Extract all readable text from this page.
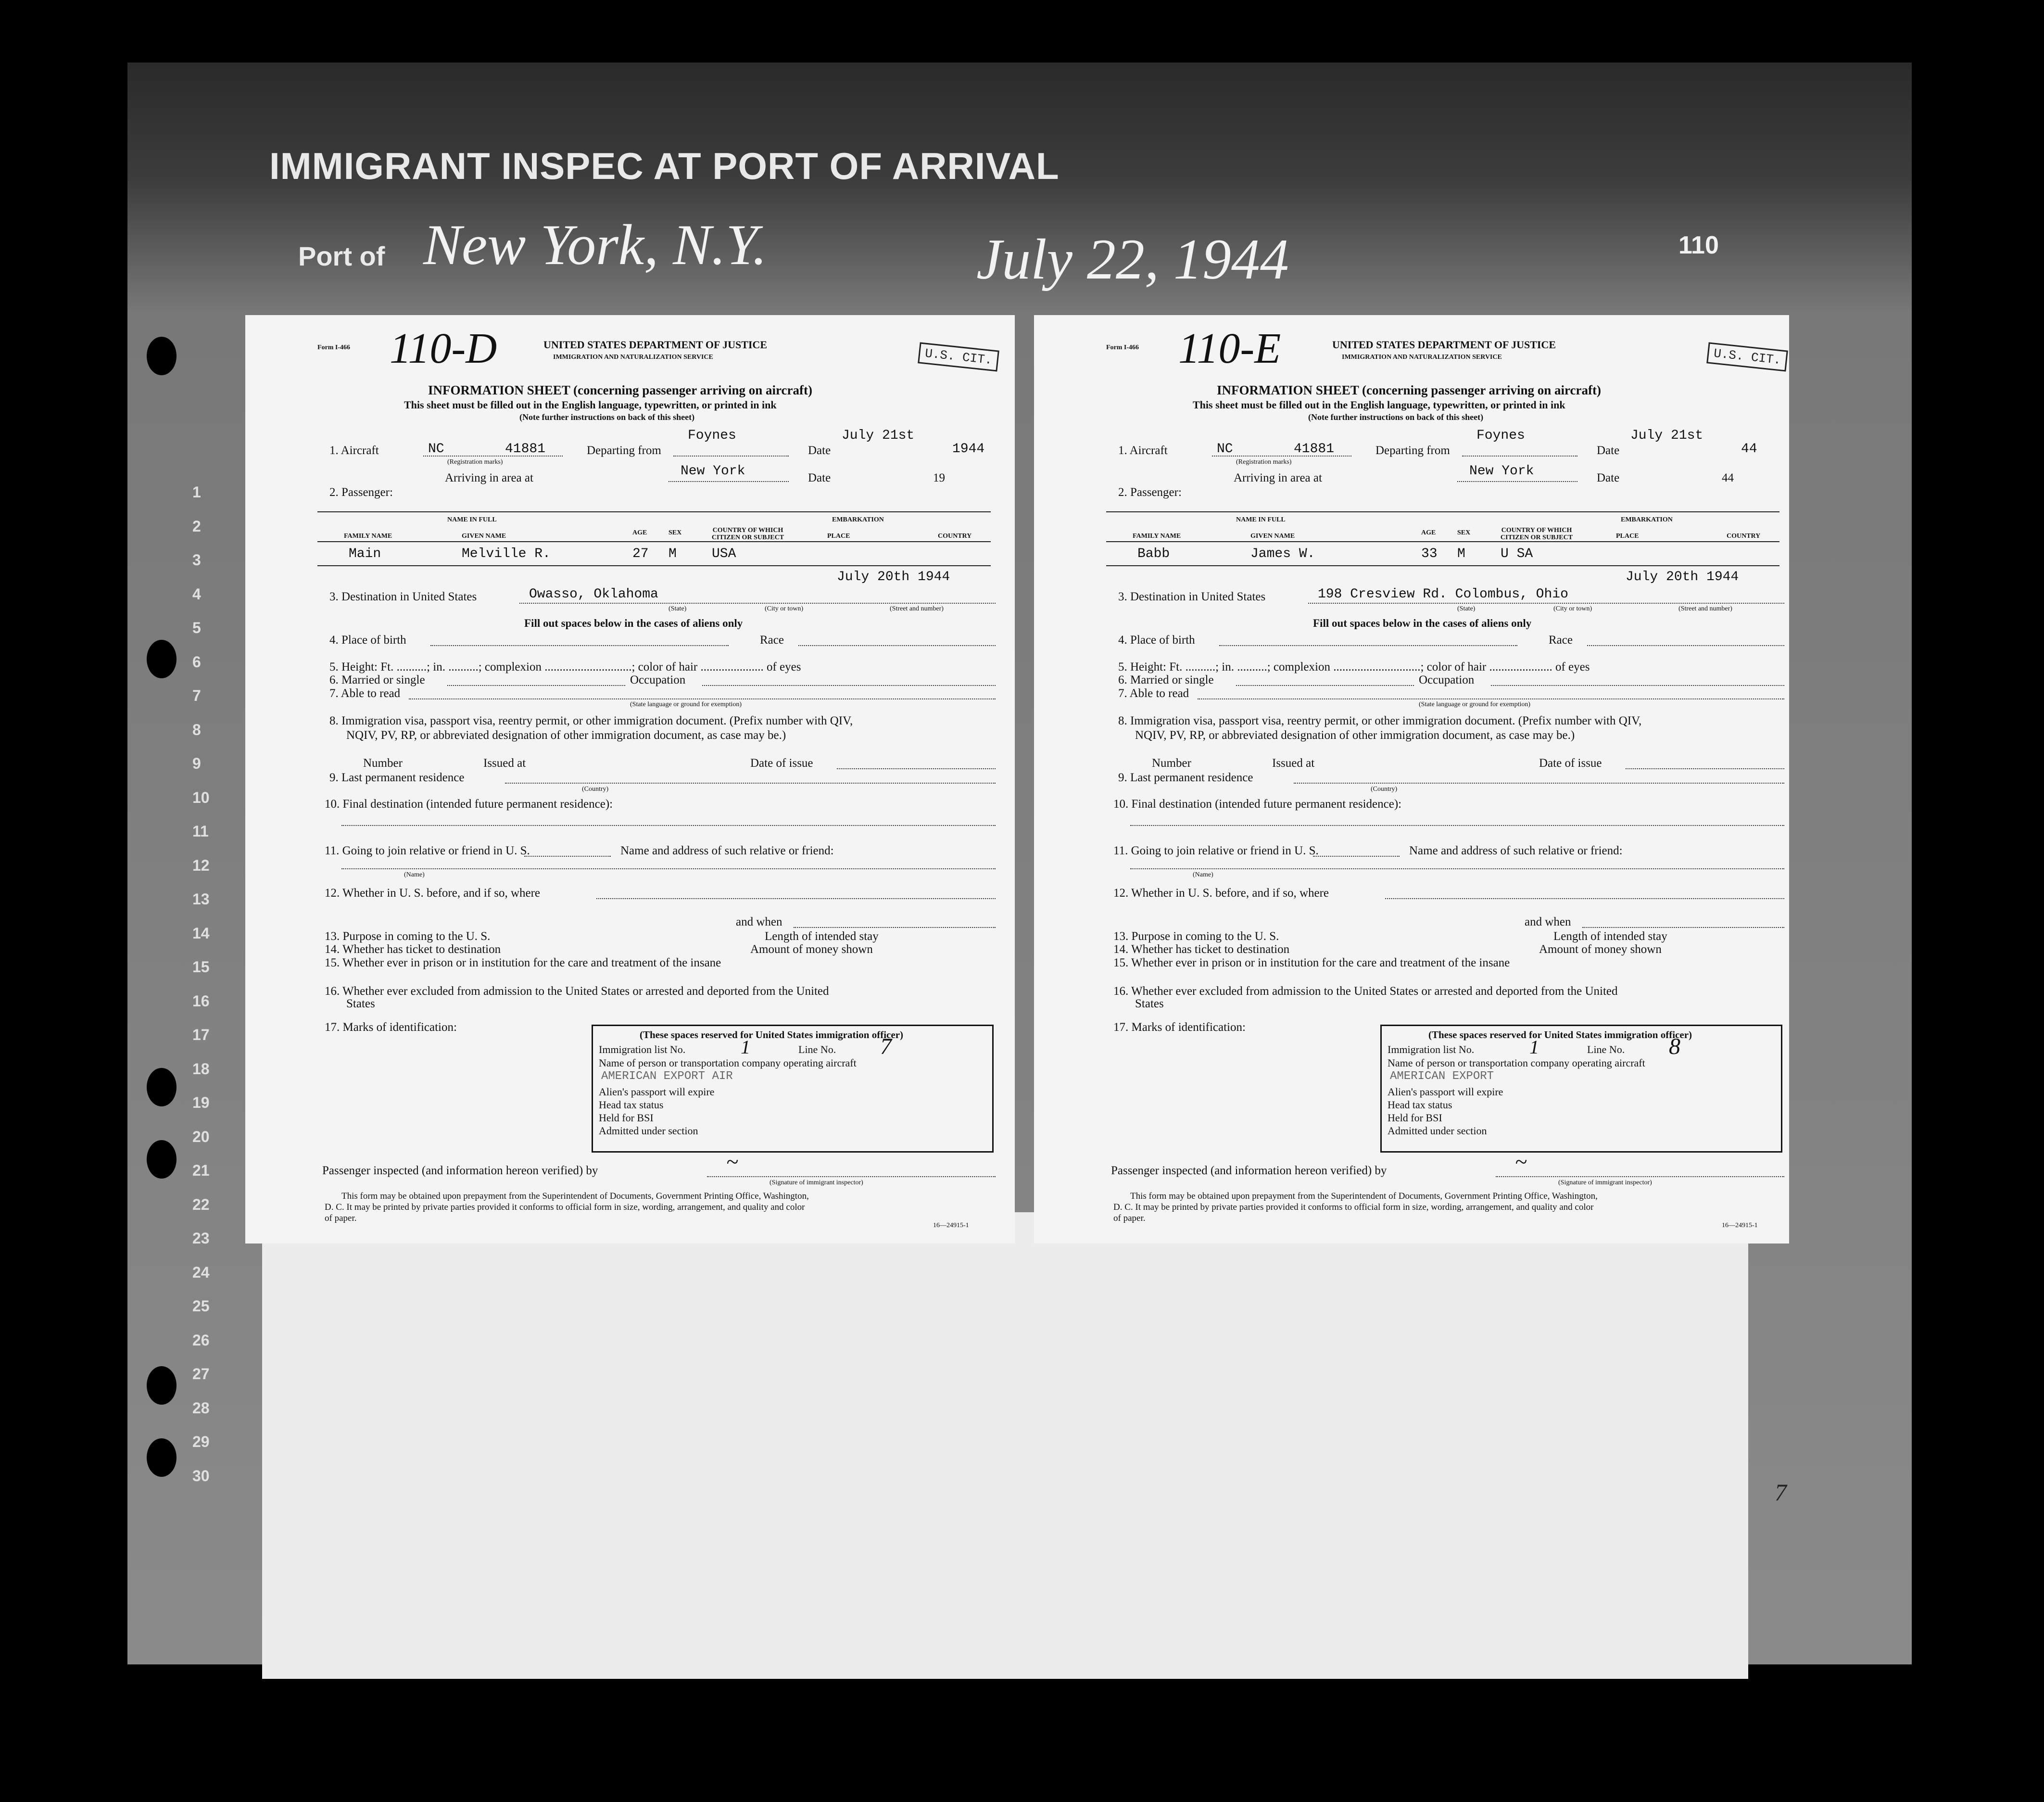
IMMIGRANT INSPEC AT PORT OF ARRIVAL
Port of New York, N.Y.	July 22, 1944	110
1
2
3
4
5
6
7
8
9
10
11
12
13
14
15
16
17
18
19
20
21
22
23
24
25
26
27
28
29
30
Form I-466 110-D	UNITED STATES DEPARTMENT OF JUSTICE
IMMIGRATION AND NATURALIZATION SERVICE	U.S. CIT.
INFORMATION SHEET (concerning passenger arriving on aircraft)
This sheet must be filled out in the English language, typewritten, or printed in ink
(Note further instructions on back of this sheet)
1. Aircraft	NC	41881
(Registration marks)
Departing from
Foynes
Date
July 21st
1944
Arriving in area at	New York	Date	19
2. Passenger:
NAME IN FULL	EMBARKATION
FAMILY NAME	GIVEN NAME	AGE	SEX	COUNTRY OF WHICH CITIZEN OR SUBJECT	PLACE	COUNTRY
Main	Melville R.	27 M	USA
July 20th 1944
3. Destination in United States	Owasso, Oklahoma
(State)	(City or town)	(Street and number)
Fill out spaces below in the cases of aliens only
4. Place of birth	Race
5. Height: Ft. ..........; in. ..........; complexion .............................; color of hair ..................... of eyes
6. Married or single	Occupation
7. Able to read
(State language or ground for exemption)
8. Immigration visa, passport visa, reentry permit, or other immigration document. (Prefix number with QIV,
NQIV, PV, RP, or abbreviated designation of other immigration document, as case may be.)
Number	Issued at	Date of issue
9. Last permanent residence
(Country)
10. Final destination (intended future permanent residence):
11. Going to join relative or friend in U. S.	Name and address of such relative or friend:
(Name)
12. Whether in U. S. before, and if so, where
and when
13. Purpose in coming to the U. S.	Length of intended stay
14. Whether has ticket to destination	Amount of money shown
15. Whether ever in prison or in institution for the care and treatment of the insane
16. Whether ever excluded from admission to the United States or arrested and deported from the United
States
17. Marks of identification:
(These spaces reserved for United States immigration officer)
Immigration list No.	1	Line No. 7
Name of person or transportation company operating aircraft
AMERICAN EXPORT AIR
Alien's passport will expire
Head tax status
Held for BSI
Admitted under section
Passenger inspected (and information hereon verified) by	~
(Signature of immigrant inspector)
This form may be obtained upon prepayment from the Superintendent of Documents, Government Printing Office, Washington,
D. C. It may be printed by private parties provided it conforms to official form in size, wording, arrangement, and quality and color
of paper.
16—24915-1
Form I-466 110-E	UNITED STATES DEPARTMENT OF JUSTICE
IMMIGRATION AND NATURALIZATION SERVICE	U.S. CIT.
INFORMATION SHEET (concerning passenger arriving on aircraft)
This sheet must be filled out in the English language, typewritten, or printed in ink
(Note further instructions on back of this sheet)
1. Aircraft	NC	41881
(Registration marks)
Departing from
Foynes
Date
July 21st
44
Arriving in area at	New York	Date	44
2. Passenger:
NAME IN FULL	EMBARKATION
FAMILY NAME	GIVEN NAME	AGE	SEX	COUNTRY OF WHICH CITIZEN OR SUBJECT	PLACE	COUNTRY
Babb	James W.	33 M	U SA
July 20th 1944
3. Destination in United States	198 Cresview Rd. Colombus, Ohio
(State)	(City or town)	(Street and number)
Fill out spaces below in the cases of aliens only
4. Place of birth	Race
5. Height: Ft. ..........; in. ..........; complexion .............................; color of hair ..................... of eyes
6. Married or single	Occupation
7. Able to read
(State language or ground for exemption)
8. Immigration visa, passport visa, reentry permit, or other immigration document. (Prefix number with QIV,
NQIV, PV, RP, or abbreviated designation of other immigration document, as case may be.)
Number	Issued at	Date of issue
9. Last permanent residence
(Country)
10. Final destination (intended future permanent residence):
11. Going to join relative or friend in U. S.	Name and address of such relative or friend:
(Name)
12. Whether in U. S. before, and if so, where
and when
13. Purpose in coming to the U. S.	Length of intended stay
14. Whether has ticket to destination	Amount of money shown
15. Whether ever in prison or in institution for the care and treatment of the insane
16. Whether ever excluded from admission to the United States or arrested and deported from the United
States
17. Marks of identification:
(These spaces reserved for United States immigration officer)
Immigration list No.	1	Line No. 8
Name of person or transportation company operating aircraft
AMERICAN EXPORT
Alien's passport will expire
Head tax status
Held for BSI
Admitted under section
Passenger inspected (and information hereon verified) by	~
(Signature of immigrant inspector)
This form may be obtained upon prepayment from the Superintendent of Documents, Government Printing Office, Washington,
D. C. It may be printed by private parties provided it conforms to official form in size, wording, arrangement, and quality and color
of paper.
16—24915-1
7
